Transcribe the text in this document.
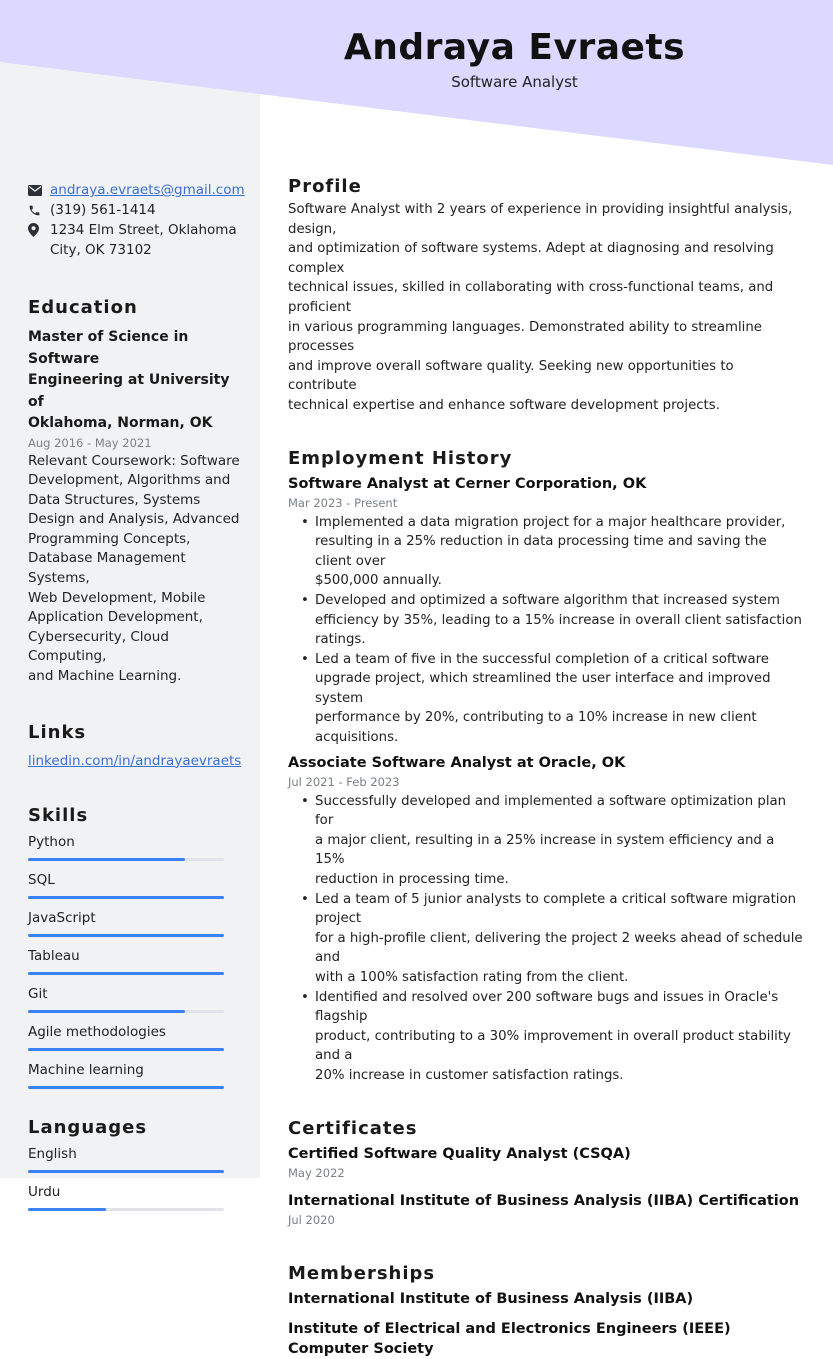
Andraya Evraets
Software Analyst
andraya.evraets@gmail.com
(319) 561-1414
1234 Elm Street, Oklahoma
City, OK 73102
Education
Master of Science in Software
Engineering at University of
Oklahoma, Norman, OK
Aug 2016 - May 2021
Relevant Coursework: Software
Development, Algorithms and
Data Structures, Systems
Design and Analysis, Advanced
Programming Concepts,
Database Management Systems,
Web Development, Mobile
Application Development,
Cybersecurity, Cloud Computing,
and Machine Learning.
Links
linkedin.com/in/andrayaevraets
Skills
Python
SQL
JavaScript
Tableau
Git
Agile methodologies
Machine learning
Languages
English
Urdu
Profile
Software Analyst with 2 years of experience in providing insightful analysis, design,
and optimization of software systems. Adept at diagnosing and resolving complex
technical issues, skilled in collaborating with cross-functional teams, and proficient
in various programming languages. Demonstrated ability to streamline processes
and improve overall software quality. Seeking new opportunities to contribute
technical expertise and enhance software development projects.
Employment History
Software Analyst at Cerner Corporation, OK
Mar 2023 - Present
• Implemented a data migration project for a major healthcare provider,
resulting in a 25% reduction in data processing time and saving the client over
$500,000 annually.
• Developed and optimized a software algorithm that increased system
efficiency by 35%, leading to a 15% increase in overall client satisfaction
ratings.
• Led a team of five in the successful completion of a critical software
upgrade project, which streamlined the user interface and improved system
performance by 20%, contributing to a 10% increase in new client acquisitions.
Associate Software Analyst at Oracle, OK
Jul 2021 - Feb 2023
• Successfully developed and implemented a software optimization plan for
a major client, resulting in a 25% increase in system efficiency and a 15%
reduction in processing time.
• Led a team of 5 junior analysts to complete a critical software migration project
for a high-profile client, delivering the project 2 weeks ahead of schedule and
with a 100% satisfaction rating from the client.
• Identified and resolved over 200 software bugs and issues in Oracle's flagship
product, contributing to a 30% improvement in overall product stability and a
20% increase in customer satisfaction ratings.
Certificates
Certified Software Quality Analyst (CSQA)
May 2022
International Institute of Business Analysis (IIBA) Certification
Jul 2020
Memberships
International Institute of Business Analysis (IIBA)
Institute of Electrical and Electronics Engineers (IEEE) Computer Society
